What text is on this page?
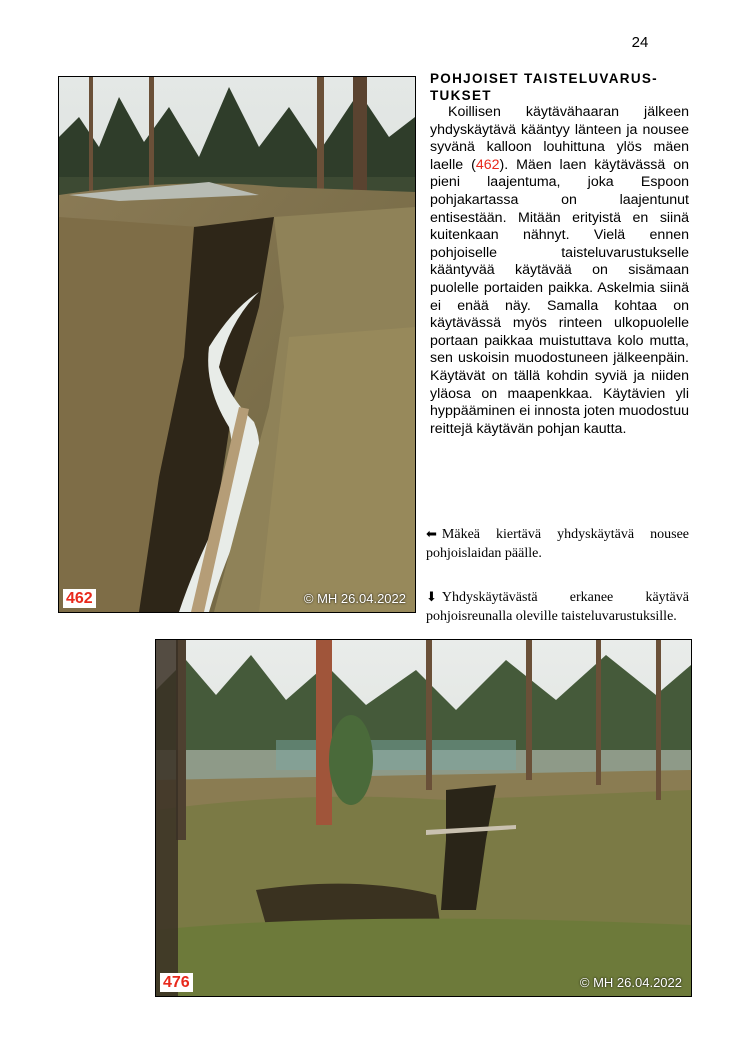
24
462	© MH 26.04.2022
POHJOISET TAISTELUVARUS-
TUKSET

Koillisen käytävähaaran jälkeen yhdyskäytävä kääntyy länteen ja nousee syvänä kalloon louhittuna ylös mäen laelle (462). Mäen laen käytävässä on pieni laajentuma, joka Espoon pohjakartassa on laajentunut entisestään. Mitään erityistä en siinä kuitenkaan nähnyt. Vielä ennen pohjoiselle taisteluvarustukselle kääntyvää käytävää on sisämaan puolelle portaiden paikka. Askelmia siinä ei enää näy. Samalla kohtaa on käytävässä myös rinteen ulkopuolelle portaan paikkaa muistuttava kolo mutta, sen uskoisin muodostuneen jälkeenpäin. Käytävät on tällä kohdin syviä ja niiden yläosa on maapenkkaa. Käytävien yli hyppääminen ei innosta joten muodostuu reittejä käytävän pohjan kautta.

⬅ Mäkeä kiertävä yhdyskäytävä nousee pohjoislaidan päälle.
⬇ Yhdyskäytävästä erkanee käytävä pohjoisreunalla oleville taisteluvarustuksille.
476	© MH 26.04.2022
